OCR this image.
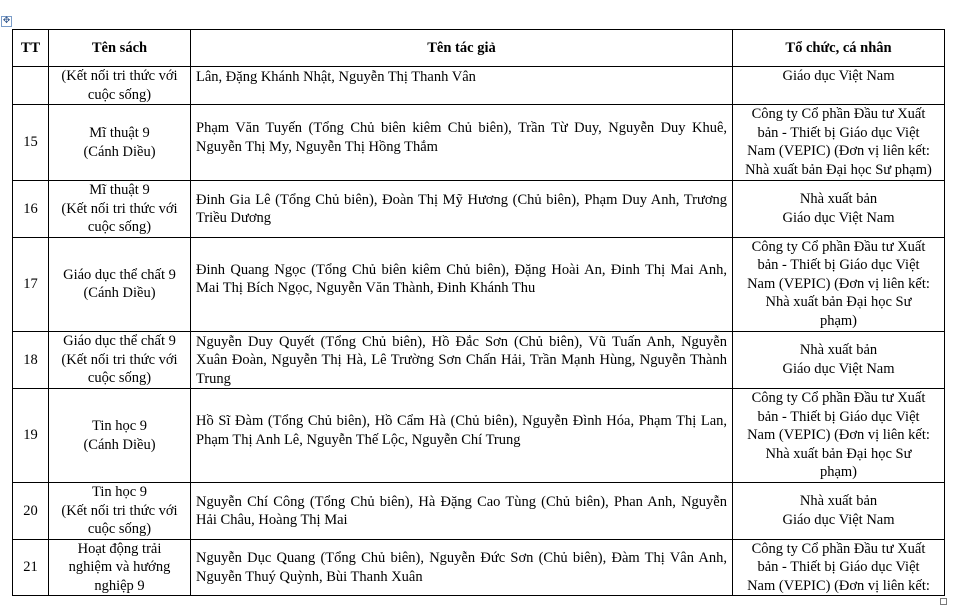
✥
TT	Tên sách	Tên tác giả	Tổ chức, cá nhân

	(Kết nối tri thức với
cuộc sống)	Lân, Đặng Khánh Nhật, Nguyễn Thị Thanh Vân	Giáo dục Việt Nam

15	Mĩ thuật 9
(Cánh Diều)	Phạm Văn Tuyến (Tổng Chủ biên kiêm Chủ biên), Trần Từ Duy, Nguyễn Duy Khuê, Nguyễn Thị My, Nguyễn Thị Hồng Thắm	Công ty Cổ phần Đầu tư Xuất
bản - Thiết bị Giáo dục Việt
Nam (VEPIC) (Đơn vị liên kết:
Nhà xuất bản Đại học Sư phạm)

16	Mĩ thuật 9
(Kết nối tri thức với
cuộc sống)	Đinh Gia Lê (Tổng Chủ biên), Đoàn Thị Mỹ Hương (Chủ biên), Phạm Duy Anh, Trương Triều Dương	Nhà xuất bản
Giáo dục Việt Nam

17	Giáo dục thể chất 9
(Cánh Diều)	Đinh Quang Ngọc (Tổng Chủ biên kiêm Chủ biên), Đặng Hoài An, Đinh Thị Mai Anh, Mai Thị Bích Ngọc, Nguyễn Văn Thành, Đinh Khánh Thu	Công ty Cổ phần Đầu tư Xuất
bản - Thiết bị Giáo dục Việt
Nam (VEPIC) (Đơn vị liên kết:
Nhà xuất bản Đại học Sư
phạm)

18	Giáo dục thể chất 9
(Kết nối tri thức với
cuộc sống)	Nguyễn Duy Quyết (Tổng Chủ biên), Hồ Đắc Sơn (Chủ biên), Vũ Tuấn Anh, Nguyễn Xuân Đoàn, Nguyễn Thị Hà, Lê Trường Sơn Chấn Hải, Trần Mạnh Hùng, Nguyễn Thành Trung	Nhà xuất bản
Giáo dục Việt Nam

19	Tin học 9
(Cánh Diều)	Hồ Sĩ Đàm (Tổng Chủ biên), Hồ Cẩm Hà (Chủ biên), Nguyễn Đình Hóa, Phạm Thị Lan, Phạm Thị Anh Lê, Nguyễn Thế Lộc, Nguyễn Chí Trung	Công ty Cổ phần Đầu tư Xuất
bản - Thiết bị Giáo dục Việt
Nam (VEPIC) (Đơn vị liên kết:
Nhà xuất bản Đại học Sư
phạm)

20	Tin học 9
(Kết nối tri thức với
cuộc sống)	Nguyễn Chí Công (Tổng Chủ biên), Hà Đặng Cao Tùng (Chủ biên), Phan Anh, Nguyễn Hải Châu, Hoàng Thị Mai	Nhà xuất bản
Giáo dục Việt Nam

21	Hoạt động trải
nghiệm và hướng
nghiệp 9	Nguyễn Dục Quang (Tổng Chủ biên), Nguyễn Đức Sơn (Chủ biên), Đàm Thị Vân Anh, Nguyễn Thuý Quỳnh, Bùi Thanh Xuân	Công ty Cổ phần Đầu tư Xuất
bản - Thiết bị Giáo dục Việt
Nam (VEPIC) (Đơn vị liên kết:
